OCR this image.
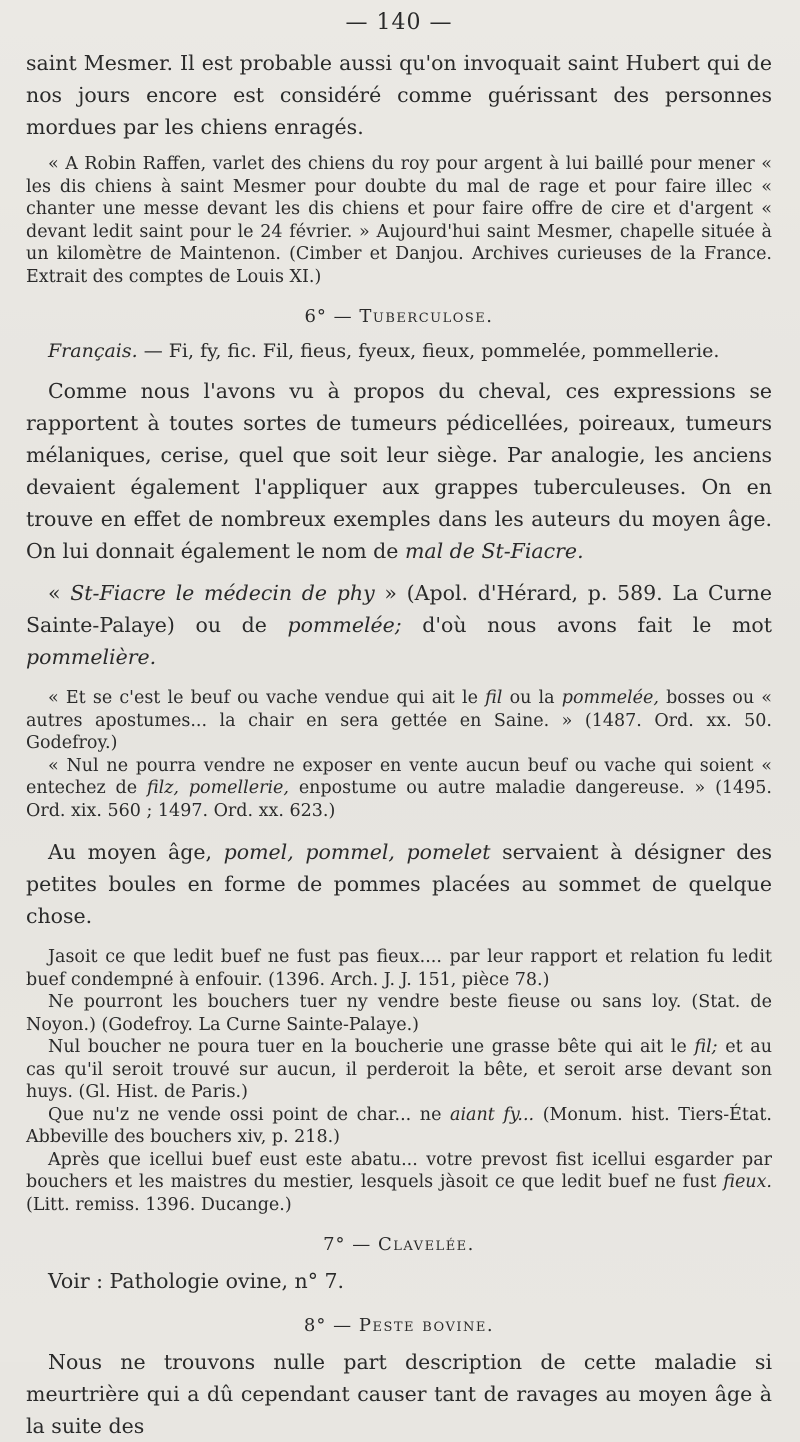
— 140 —

saint Mesmer. Il est probable aussi qu'on invoquait saint Hubert qui de nos jours encore est considéré comme guérissant des personnes mordues par les chiens enragés.

« A Robin Raffen, varlet des chiens du roy pour argent à lui baillé pour mener « les dis chiens à saint Mesmer pour doubte du mal de rage et pour faire illec « chanter une messe devant les dis chiens et pour faire offre de cire et d'argent « devant ledit saint pour le 24 février. » Aujourd'hui saint Mesmer, chapelle située à un kilomètre de Maintenon. (Cimber et Danjou. Archives curieuses de la France. Extrait des comptes de Louis XI.)

6° — Tuberculose.

Français. — Fi, fy, fic. Fil, fieus, fyeux, fieux, pommelée, pommellerie.

Comme nous l'avons vu à propos du cheval, ces expressions se rapportent à toutes sortes de tumeurs pédicellées, poireaux, tumeurs mélaniques, cerise, quel que soit leur siège. Par analogie, les anciens devaient également l'appliquer aux grappes tuberculeuses. On en trouve en effet de nombreux exemples dans les auteurs du moyen âge. On lui donnait également le nom de mal de St-Fiacre.

« St-Fiacre le médecin de phy » (Apol. d'Hérard, p. 589. La Curne Sainte-Palaye) ou de pommelée; d'où nous avons fait le mot pommelière.

« Et se c'est le beuf ou vache vendue qui ait le fil ou la pommelée, bosses ou « autres apostumes... la chair en sera gettée en Saine. » (1487. Ord. xx. 50. Godefroy.)

« Nul ne pourra vendre ne exposer en vente aucun beuf ou vache qui soient « entechez de filz, pomellerie, enpostume ou autre maladie dangereuse. » (1495. Ord. xix. 560 ; 1497. Ord. xx. 623.)

Au moyen âge, pomel, pommel, pomelet servaient à désigner des petites boules en forme de pommes placées au sommet de quelque chose.

Jasoit ce que ledit buef ne fust pas fieux.... par leur rapport et relation fu ledit buef condempné à enfouir. (1396. Arch. J. J. 151, pièce 78.)

Ne pourront les bouchers tuer ny vendre beste fieuse ou sans loy. (Stat. de Noyon.) (Godefroy. La Curne Sainte-Palaye.)

Nul boucher ne poura tuer en la boucherie une grasse bête qui ait le fil; et au cas qu'il seroit trouvé sur aucun, il perderoit la bête, et seroit arse devant son huys. (Gl. Hist. de Paris.)

Que nu'z ne vende ossi point de char... ne aiant fy... (Monum. hist. Tiers-État. Abbeville des bouchers xiv, p. 218.)

Après que icellui buef eust este abatu... votre prevost fist icellui esgarder par bouchers et les maistres du mestier, lesquels jàsoit ce que ledit buef ne fust fieux. (Litt. remiss. 1396. Ducange.)

7° — Clavelée.

Voir : Pathologie ovine, n° 7.

8° — Peste bovine.

Nous ne trouvons nulle part description de cette maladie si meurtrière qui a dû cependant causer tant de ravages au moyen âge à la suite des
